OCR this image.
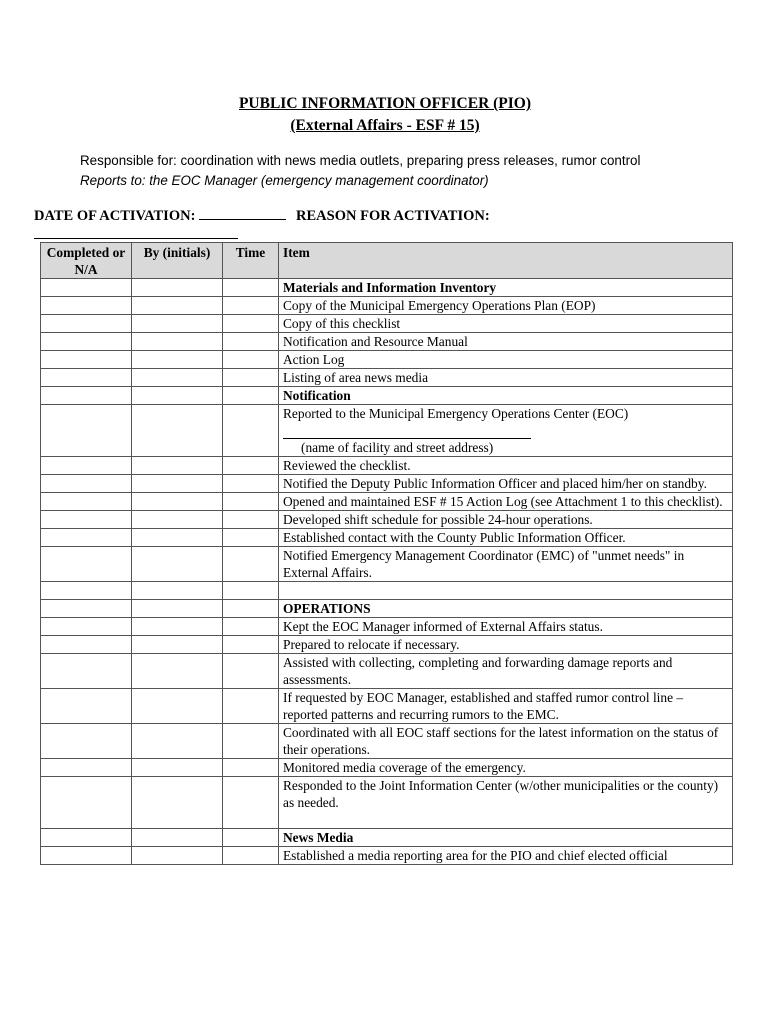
PUBLIC INFORMATION OFFICER (PIO)
(External Affairs - ESF # 15)
Responsible for: coordination with news media outlets, preparing press releases, rumor control
Reports to: the EOC Manager (emergency management coordinator)
DATE OF ACTIVATION:	REASON FOR ACTIVATION:
Completed or N/A	By (initials)	Time	Item
			Materials and Information Inventory
			Copy of the Municipal Emergency Operations Plan (EOP)
			Copy of this checklist
			Notification and Resource Manual
			Action Log
			Listing of area news media
			Notification
			Reported to the Municipal Emergency Operations Center (EOC)
(name of facility and street address)

			Reviewed the checklist.
			Notified the Deputy Public Information Officer and placed him/her on standby.
			Opened and maintained ESF # 15 Action Log (see Attachment 1 to this checklist).
			Developed shift schedule for possible 24-hour operations.
			Established contact with the County Public Information Officer.
			Notified Emergency Management Coordinator (EMC) of "unmet needs" in External Affairs.

			OPERATIONS
			Kept the EOC Manager informed of External Affairs status.
			Prepared to relocate if necessary.
			Assisted with collecting, completing and forwarding damage reports and assessments.
			If requested by EOC Manager, established and staffed rumor control line – reported patterns and recurring rumors to the EMC.
			Coordinated with all EOC staff sections for the latest information on the status of their operations.
			Monitored media coverage of the emergency.
			Responded to the Joint Information Center (w/other municipalities or the county) as needed.

			News Media
			Established a media reporting area for the PIO and chief elected official
